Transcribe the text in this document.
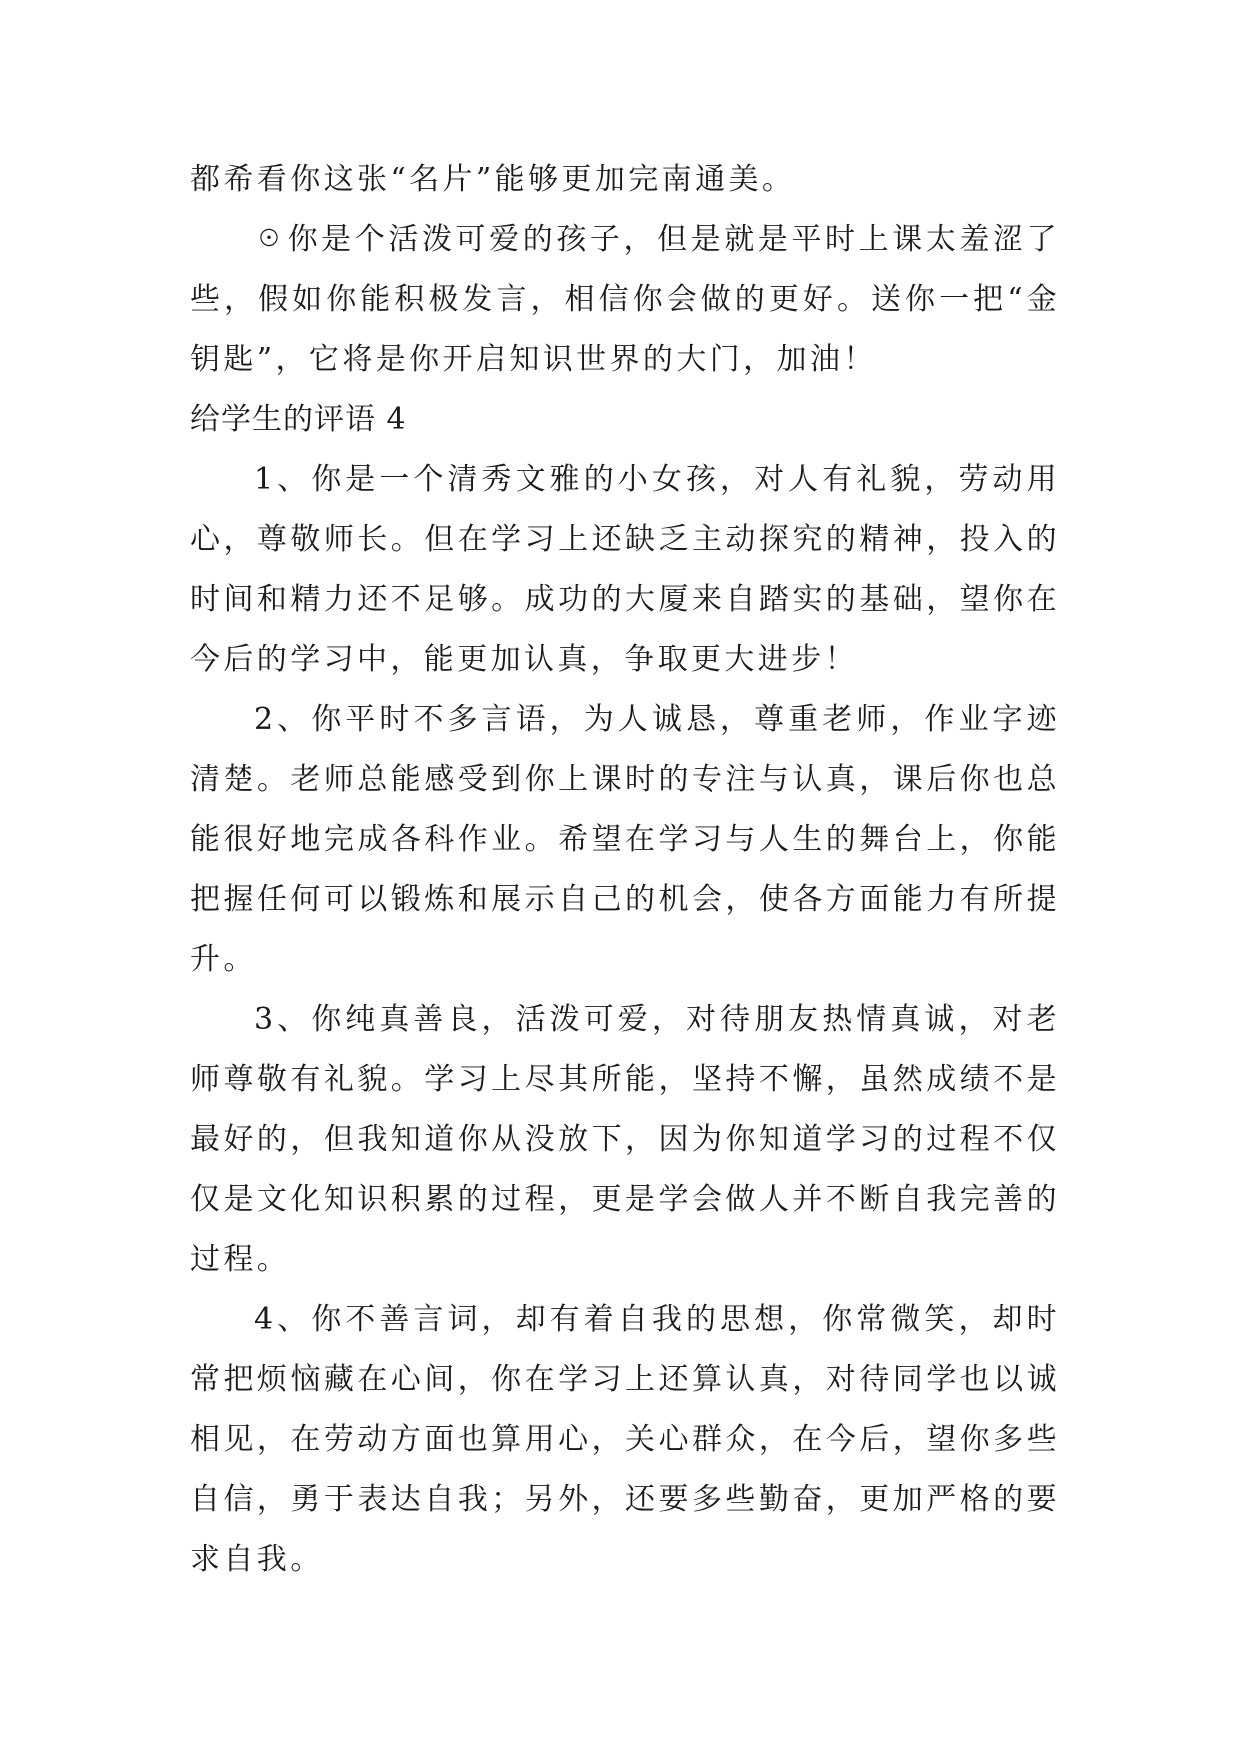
都希看你这张“名片”能够更加完南通美。

☉你是个活泼可爱的孩子，但是就是平时上课太羞涩了些，假如你能积极发言，相信你会做的更好。送你一把“金钥匙”，它将是你开启知识世界的大门，加油！

给学生的评语 4

1、你是一个清秀文雅的小女孩，对人有礼貌，劳动用心，尊敬师长。但在学习上还缺乏主动探究的精神，投入的时间和精力还不足够。成功的大厦来自踏实的基础，望你在今后的学习中，能更加认真，争取更大进步！

2、你平时不多言语，为人诚恳，尊重老师，作业字迹清楚。老师总能感受到你上课时的专注与认真，课后你也总能很好地完成各科作业。希望在学习与人生的舞台上，你能把握任何可以锻炼和展示自己的机会，使各方面能力有所提升。

3、你纯真善良，活泼可爱，对待朋友热情真诚，对老师尊敬有礼貌。学习上尽其所能，坚持不懈，虽然成绩不是最好的，但我知道你从没放下，因为你知道学习的过程不仅仅是文化知识积累的过程，更是学会做人并不断自我完善的过程。

4、你不善言词，却有着自我的思想，你常微笑，却时常把烦恼藏在心间，你在学习上还算认真，对待同学也以诚相见，在劳动方面也算用心，关心群众，在今后，望你多些自信，勇于表达自我；另外，还要多些勤奋，更加严格的要求自我。
